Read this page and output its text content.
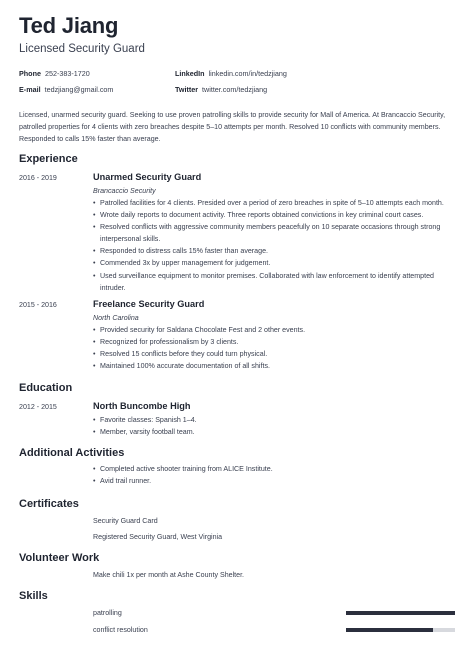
Ted Jiang
Licensed Security Guard
Phone 252-383-1720	LinkedIn linkedin.com/in/tedzjiang
E-mail tedzjiang@gmail.com	Twitter twitter.com/tedzjiang
Licensed, unarmed security guard. Seeking to use proven patrolling skills to provide security for Mall of America. At Brancaccio Security, patrolled properties for 4 clients with zero breaches despite 5–10 attempts per month. Resolved 10 conflicts with community members. Responded to calls 15% faster than average.
Experience
2016 - 2019	Unarmed Security Guard
Brancaccio Security
• Patrolled facilities for 4 clients. Presided over a period of zero breaches in spite of 5–10 attempts each month.
• Wrote daily reports to document activity. Three reports obtained convictions in key criminal court cases.
• Resolved conflicts with aggressive community members peacefully on 10 separate occasions through strong interpersonal skills.
• Responded to distress calls 15% faster than average.
• Commended 3x by upper management for judgement.
• Used surveillance equipment to monitor premises. Collaborated with law enforcement to identify attempted intruder.
2015 - 2016	Freelance Security Guard
North Carolina
• Provided security for Saldana Chocolate Fest and 2 other events.
• Recognized for professionalism by 3 clients.
• Resolved 15 conflicts before they could turn physical.
• Maintained 100% accurate documentation of all shifts.
Education
2012 - 2015	North Buncombe High
• Favorite classes: Spanish 1–4.
• Member, varsity football team.
Additional Activities
• Completed active shooter training from ALICE Institute.
• Avid trail runner.
Certificates
Security Guard Card
Registered Security Guard, West Virginia
Volunteer Work
Make chili 1x per month at Ashe County Shelter.
Skills
patrolling
conflict resolution
